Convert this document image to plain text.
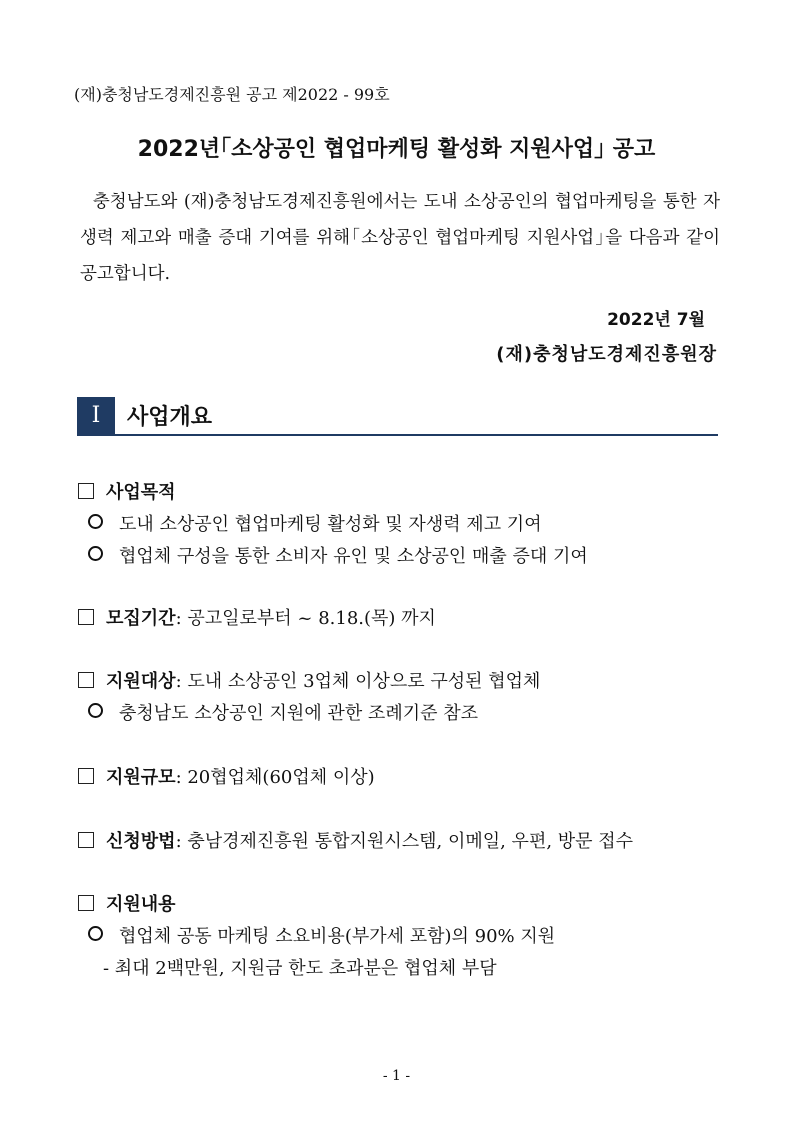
(재)충청남도경제진흥원 공고 제2022 - 99호
2022년｢소상공인 협업마케팅 활성화 지원사업｣ 공고
충청남도와 (재)충청남도경제진흥원에서는 도내 소상공인의 협업마케팅을 통한 자생력 제고와 매출 증대 기여를 위해｢소상공인 협업마케팅 지원사업｣을 다음과 같이 공고합니다.
2022년 7월
(재)충청남도경제진흥원장
Ⅰ	사업개요
사업목적
도내 소상공인 협업마케팅 활성화 및 자생력 제고 기여
협업체 구성을 통한 소비자 유인 및 소상공인 매출 증대 기여
모집기간: 공고일로부터 ~ 8.18.(목) 까지
지원대상: 도내 소상공인 3업체 이상으로 구성된 협업체
충청남도 소상공인 지원에 관한 조례기준 참조
지원규모: 20협업체(60업체 이상)
신청방법: 충남경제진흥원 통합지원시스템, 이메일, 우편, 방문 접수
지원내용
협업체 공동 마케팅 소요비용(부가세 포함)의 90% 지원
- 최대 2백만원, 지원금 한도 초과분은 협업체 부담
- 1 -
